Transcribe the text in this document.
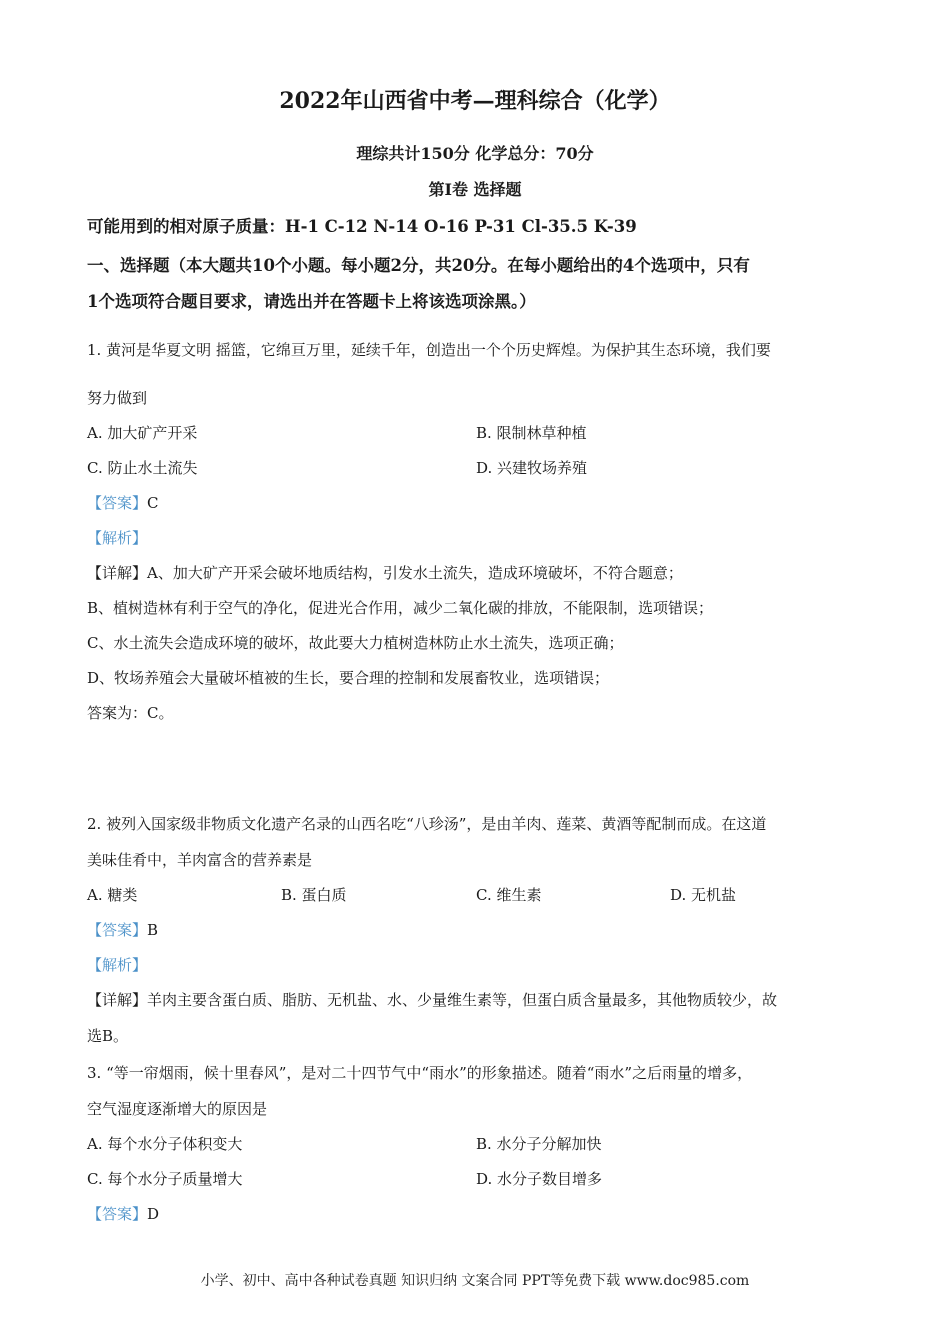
2022年山西省中考—理科综合（化学）
理综共计150分 化学总分：70分
第Ⅰ卷 选择题
可能用到的相对原子质量：H-1 C-12 N-14 O-16 P-31 Cl-35.5 K-39
一、选择题（本大题共10个小题。每小题2分，共20分。在每小题给出的4个选项中，只有
1个选项符合题目要求，请选出并在答题卡上将该选项涂黑。）
1. 黄河是华夏文明 摇篮，它绵亘万里，延续千年，创造出一个个历史辉煌。为保护其生态环境，我们要
努力做到
A. 加大矿产开采	B. 限制林草种植
C. 防止水土流失	D. 兴建牧场养殖
【答案】C
【解析】
【详解】A、加大矿产开采会破坏地质结构，引发水土流失，造成环境破坏，不符合题意；
B、植树造林有利于空气的净化，促进光合作用，减少二氧化碳的排放，不能限制，选项错误；
C、水土流失会造成环境的破坏，故此要大力植树造林防止水土流失，选项正确；
D、牧场养殖会大量破坏植被的生长，要合理的控制和发展畜牧业，选项错误；
答案为：C。
2. 被列入国家级非物质文化遗产名录的山西名吃“八珍汤”，是由羊肉、莲菜、黄酒等配制而成。在这道
美味佳肴中，羊肉富含的营养素是
A. 糖类	B. 蛋白质	C. 维生素	D. 无机盐
【答案】B
【解析】
【详解】羊肉主要含蛋白质、脂肪、无机盐、水、少量维生素等，但蛋白质含量最多，其他物质较少，故
选B。
3. “等一帘烟雨，候十里春风”，是对二十四节气中“雨水”的形象描述。随着“雨水”之后雨量的增多，
空气湿度逐渐增大的原因是
A. 每个水分子体积变大	B. 水分子分解加快
C. 每个水分子质量增大	D. 水分子数目增多
【答案】D
小学、初中、高中各种试卷真题 知识归纳 文案合同 PPT等免费下载 www.doc985.com
